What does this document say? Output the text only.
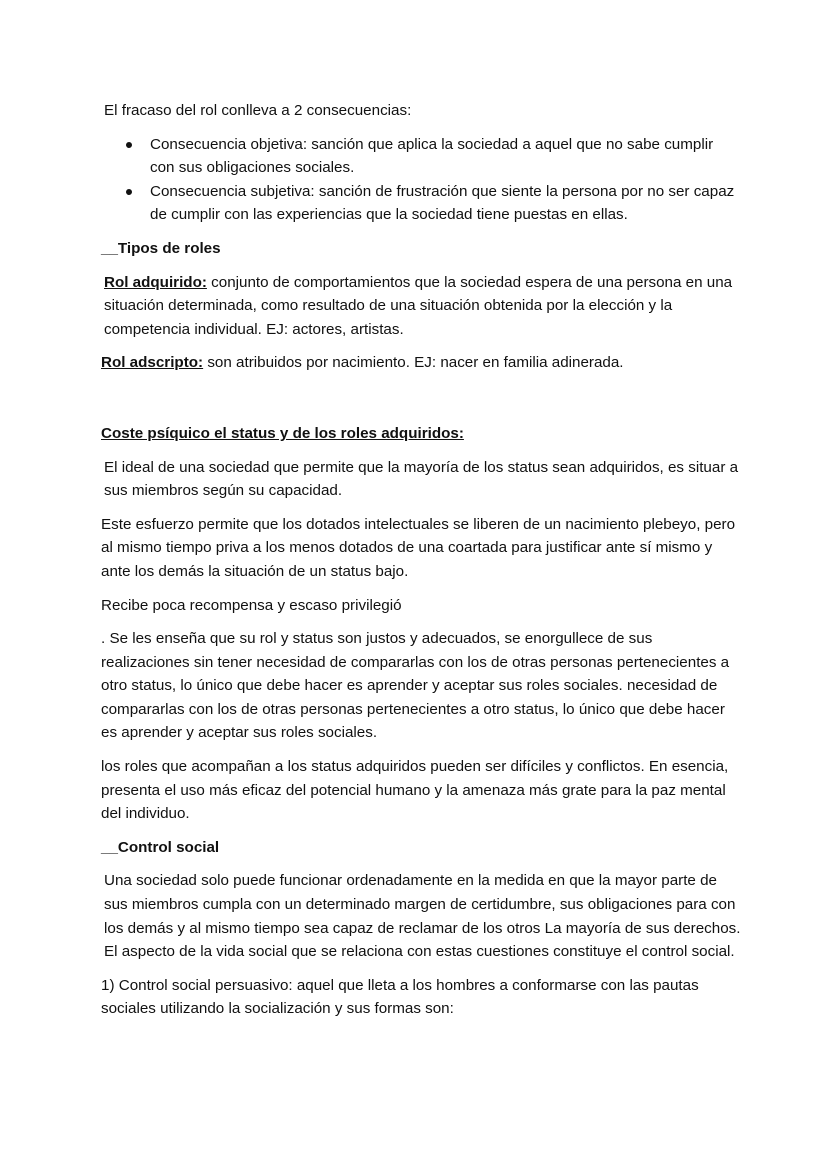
El fracaso del rol conlleva a 2 consecuencias:

Consecuencia objetiva: sanción que aplica la sociedad a aquel que no sabe cumplir con sus obligaciones sociales.
Consecuencia subjetiva: sanción de frustración que siente la persona por no ser capaz de cumplir con las experiencias que la sociedad tiene puestas en ellas.

__Tipos de roles

Rol adquirido: conjunto de comportamientos que la sociedad espera de una persona en una situación determinada, como resultado de una situación obtenida por la elección y la competencia individual. EJ: actores, artistas.

Rol adscripto: son atribuidos por nacimiento. EJ: nacer en familia adinerada.

Coste psíquico el status y de los roles adquiridos:

El ideal de una sociedad que permite que la mayoría de los status sean adquiridos, es situar a sus miembros según su capacidad.

Este esfuerzo permite que los dotados intelectuales se liberen de un nacimiento plebeyo, pero al mismo tiempo priva a los menos dotados de una coartada para justificar ante sí mismo y ante los demás la situación de un status bajo.

Recibe poca recompensa y escaso privilegió

. Se les enseña que su rol y status son justos y adecuados, se enorgullece de sus realizaciones sin tener necesidad de compararlas con los de otras personas pertenecientes a otro status, lo único que debe hacer es aprender y aceptar sus roles sociales. necesidad de compararlas con los de otras personas pertenecientes a otro status, lo único que debe hacer es aprender y aceptar sus roles sociales.

los roles que acompañan a los status adquiridos pueden ser difíciles y conflictos. En esencia, presenta el uso más eficaz del potencial humano y la amenaza más grate para la paz mental del individuo.

__Control social

Una sociedad solo puede funcionar ordenadamente en la medida en que la mayor parte de sus miembros cumpla con un determinado margen de certidumbre, sus obligaciones para con los demás y al mismo tiempo sea capaz de reclamar de los otros La mayoría de sus derechos. El aspecto de la vida social que se relaciona con estas cuestiones constituye el control social.

1) Control social persuasivo: aquel que lleta a los hombres a conformarse con las pautas sociales utilizando la socialización y sus formas son:
